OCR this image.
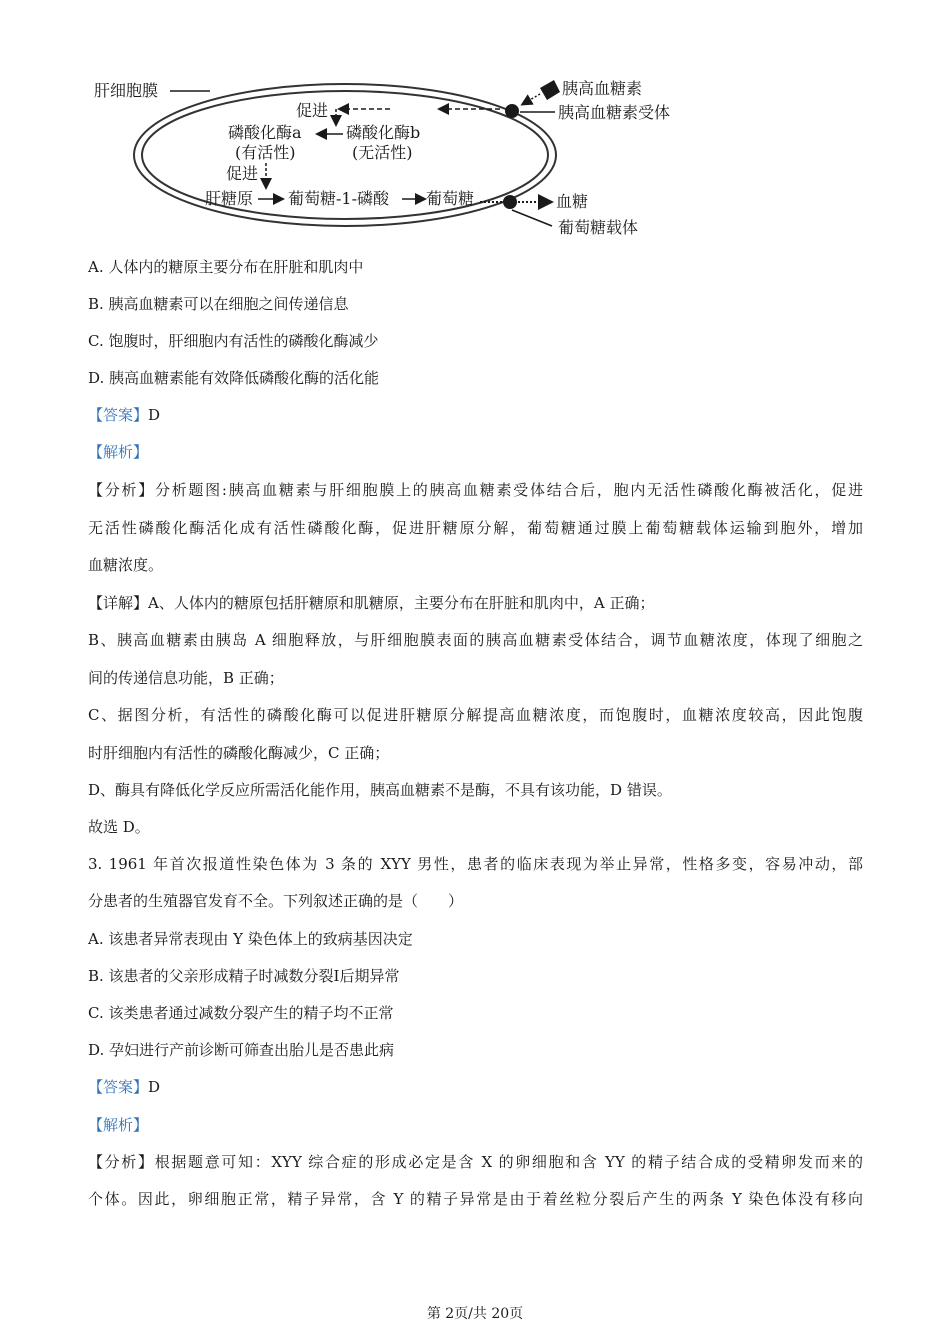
肝细胞膜	胰高血糖素
胰高血糖素受体
促进
磷酸化酶a
(有活性)
磷酸化酶b
(无活性)
促进
肝糖原 葡萄糖-1-磷酸 葡萄糖	血糖
葡萄糖载体
A. 人体内的糖原主要分布在肝脏和肌肉中
B. 胰高血糖素可以在细胞之间传递信息
C. 饱腹时，肝细胞内有活性的磷酸化酶减少
D. 胰高血糖素能有效降低磷酸化酶的活化能
【答案】D
【解析】
【分析】分析题图:胰高血糖素与肝细胞膜上的胰高血糖素受体结合后，胞内无活性磷酸化酶被活化，促进
无活性磷酸化酶活化成有活性磷酸化酶，促进肝糖原分解，葡萄糖通过膜上葡萄糖载体运输到胞外，增加
血糖浓度。
【详解】A、人体内的糖原包括肝糖原和肌糖原，主要分布在肝脏和肌肉中，A 正确；
B、胰高血糖素由胰岛 A 细胞释放，与肝细胞膜表面的胰高血糖素受体结合，调节血糖浓度，体现了细胞之
间的传递信息功能，B 正确；
C、据图分析，有活性的磷酸化酶可以促进肝糖原分解提高血糖浓度，而饱腹时，血糖浓度较高，因此饱腹
时肝细胞内有活性的磷酸化酶减少，C 正确；
D、酶具有降低化学反应所需活化能作用，胰高血糖素不是酶，不具有该功能，D 错误。
故选 D。
3. 1961 年首次报道性染色体为 3 条的 XYY 男性，患者的临床表现为举止异常，性格多变，容易冲动，部
分患者的生殖器官发育不全。下列叙述正确的是（　　）
A. 该患者异常表现由 Y 染色体上的致病基因决定
B. 该患者的父亲形成精子时减数分裂Ⅰ后期异常
C. 该类患者通过减数分裂产生的精子均不正常
D. 孕妇进行产前诊断可筛查出胎儿是否患此病
【答案】D
【解析】
【分析】根据题意可知：XYY 综合症的形成必定是含 X 的卵细胞和含 YY 的精子结合成的受精卵发而来的
个体。因此，卵细胞正常，精子异常，含 Y 的精子异常是由于着丝粒分裂后产生的两条 Y 染色体没有移向
第 2页/共 20页
